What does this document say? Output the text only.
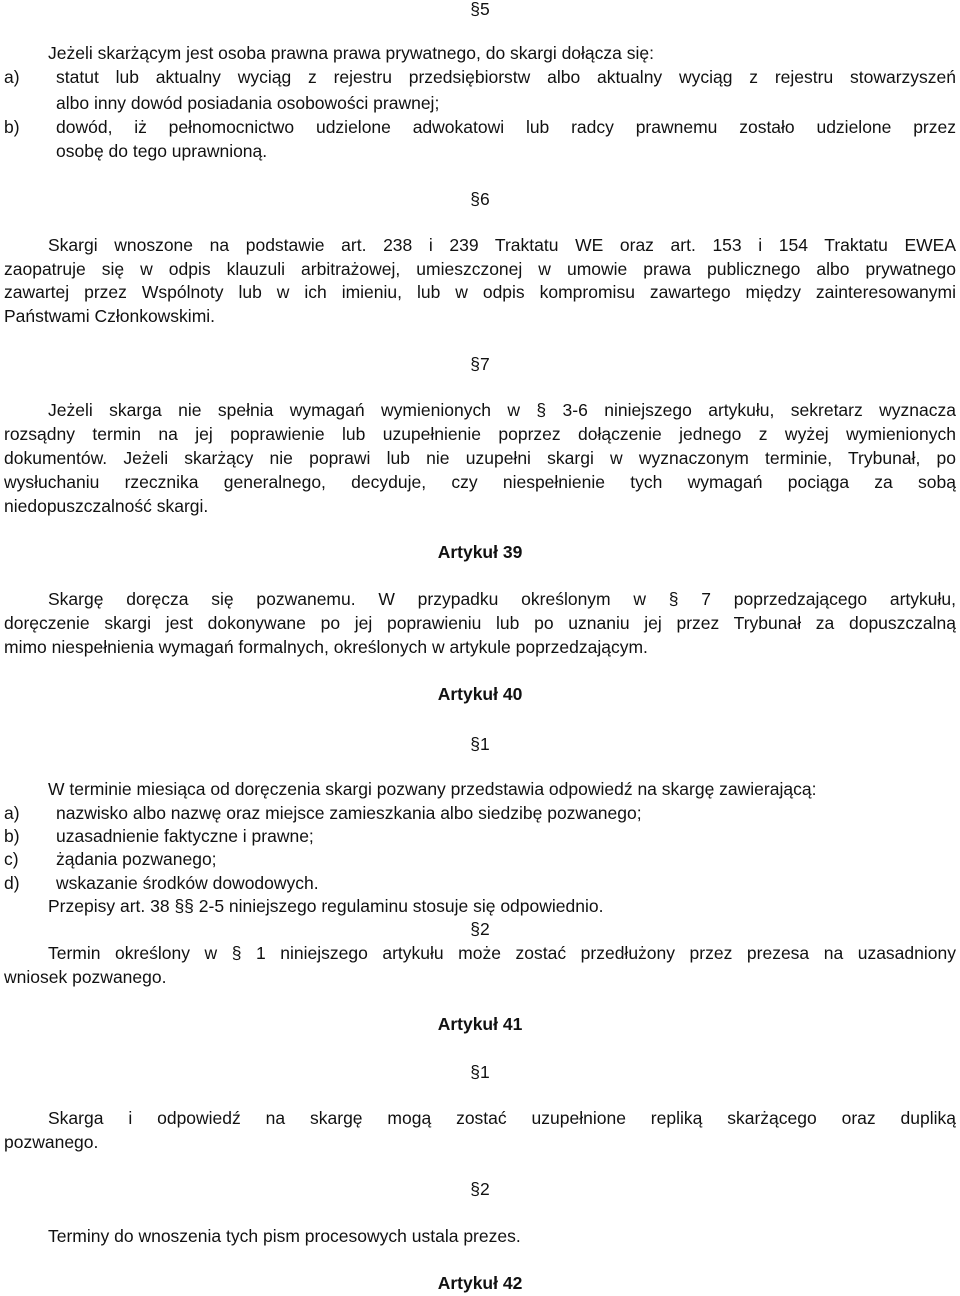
§5
Jeżeli skarżącym jest osoba prawna prawa prywatnego, do skargi dołącza się:
a) statut lub aktualny wyciąg z rejestru przedsiębiorstw albo aktualny wyciąg z rejestru stowarzyszeń
albo inny dowód posiadania osobowości prawnej;
b) dowód, iż pełnomocnictwo udzielone adwokatowi lub radcy prawnemu zostało udzielone przez
osobę do tego uprawnioną.
§6
Skargi wnoszone na podstawie art. 238 i 239 Traktatu WE oraz art. 153 i 154 Traktatu EWEA
zaopatruje się w odpis klauzuli arbitrażowej, umieszczonej w umowie prawa publicznego albo prywatnego
zawartej przez Wspólnoty lub w ich imieniu, lub w odpis kompromisu zawartego między zainteresowanymi
Państwami Członkowskimi.
§7
Jeżeli skarga nie spełnia wymagań wymienionych w § 3-6 niniejszego artykułu, sekretarz wyznacza
rozsądny termin na jej poprawienie lub uzupełnienie poprzez dołączenie jednego z wyżej wymienionych
dokumentów. Jeżeli skarżący nie poprawi lub nie uzupełni skargi w wyznaczonym terminie, Trybunał, po
wysłuchaniu rzecznika generalnego, decyduje, czy niespełnienie tych wymagań pociąga za sobą
niedopuszczalność skargi.
Artykuł 39
Skargę doręcza się pozwanemu. W przypadku określonym w § 7 poprzedzającego artykułu,
doręczenie skargi jest dokonywane po jej poprawieniu lub po uznaniu jej przez Trybunał za dopuszczalną
mimo niespełnienia wymagań formalnych, określonych w artykule poprzedzającym.
Artykuł 40
§1
W terminie miesiąca od doręczenia skargi pozwany przedstawia odpowiedź na skargę zawierającą:
a) nazwisko albo nazwę oraz miejsce zamieszkania albo siedzibę pozwanego;
b) uzasadnienie faktyczne i prawne;
c) żądania pozwanego;
d) wskazanie środków dowodowych.
Przepisy art. 38 §§ 2-5 niniejszego regulaminu stosuje się odpowiednio.
§2
Termin określony w § 1 niniejszego artykułu może zostać przedłużony przez prezesa na uzasadniony
wniosek pozwanego.
Artykuł 41
§1
Skarga i odpowiedź na skargę mogą zostać uzupełnione repliką skarżącego oraz dupliką
pozwanego.
§2
Terminy do wnoszenia tych pism procesowych ustala prezes.
Artykuł 42
